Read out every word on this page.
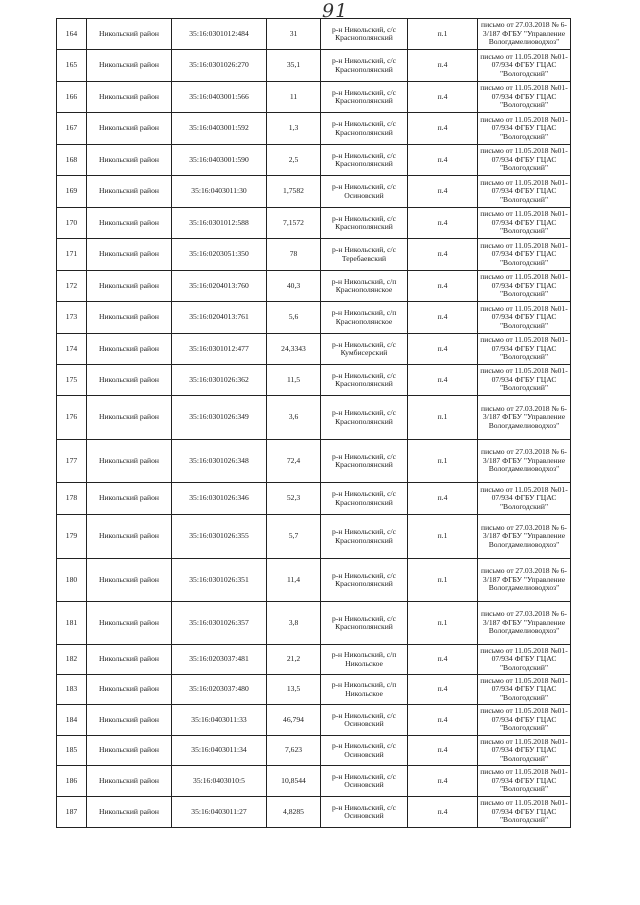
91
164	Никольский район	35:16:0301012:484	31	р-н Никольский, с/с Краснополянский	п.1	письмо от 27.03.2018 № 6-3/187 ФГБУ "Управление Вологдамелиоводхоз"
165	Никольский район	35:16:0301026:270	35,1	р-н Никольский, с/с Краснополянский	п.4	письмо от 11.05.2018 №01-07/934 ФГБУ ГЦАС "Вологодский"
166	Никольский район	35:16:0403001:566	11	р-н Никольский, с/с Краснополянский	п.4	письмо от 11.05.2018 №01-07/934 ФГБУ ГЦАС "Вологодский"
167	Никольский район	35:16:0403001:592	1,3	р-н Никольский, с/с Краснополянский	п.4	письмо от 11.05.2018 №01-07/934 ФГБУ ГЦАС "Вологодский"
168	Никольский район	35:16:0403001:590	2,5	р-н Никольский, с/с Краснополянский	п.4	письмо от 11.05.2018 №01-07/934 ФГБУ ГЦАС "Вологодский"
169	Никольский район	35:16:0403011:30	1,7582	р-н Никольский, с/с Осиновский	п.4	письмо от 11.05.2018 №01-07/934 ФГБУ ГЦАС "Вологодский"
170	Никольский район	35:16:0301012:588	7,1572	р-н Никольский, с/с Краснополянский	п.4	письмо от 11.05.2018 №01-07/934 ФГБУ ГЦАС "Вологодский"
171	Никольский район	35:16:0203051:350	78	р-н Никольский, с/с Теребаевский	п.4	письмо от 11.05.2018 №01-07/934 ФГБУ ГЦАС "Вологодский"
172	Никольский район	35:16:0204013:760	40,3	р-н Никольский, с/п Краснополянское	п.4	письмо от 11.05.2018 №01-07/934 ФГБУ ГЦАС "Вологодский"
173	Никольский район	35:16:0204013:761	5,6	р-н Никольский, с/п Краснополянское	п.4	письмо от 11.05.2018 №01-07/934 ФГБУ ГЦАС "Вологодский"
174	Никольский район	35:16:0301012:477	24,3343	р-н Никольский, с/с Кумбисерский	п.4	письмо от 11.05.2018 №01-07/934 ФГБУ ГЦАС "Вологодский"
175	Никольский район	35:16:0301026:362	11,5	р-н Никольский, с/с Краснополянский	п.4	письмо от 11.05.2018 №01-07/934 ФГБУ ГЦАС "Вологодский"
176	Никольский район	35:16:0301026:349	3,6	р-н Никольский, с/с Краснополянский	п.1	письмо от 27.03.2018 № 6-3/187 ФГБУ "Управление Вологдамелиоводхоз"
177	Никольский район	35:16:0301026:348	72,4	р-н Никольский, с/с Краснополянский	п.1	письмо от 27.03.2018 № 6-3/187 ФГБУ "Управление Вологдамелиоводхоз"
178	Никольский район	35:16:0301026:346	52,3	р-н Никольский, с/с Краснополянский	п.4	письмо от 11.05.2018 №01-07/934 ФГБУ ГЦАС "Вологодский"
179	Никольский район	35:16:0301026:355	5,7	р-н Никольский, с/с Краснополянский	п.1	письмо от 27.03.2018 № 6-3/187 ФГБУ "Управление Вологдамелиоводхоз"
180	Никольский район	35:16:0301026:351	11,4	р-н Никольский, с/с Краснополянский	п.1	письмо от 27.03.2018 № 6-3/187 ФГБУ "Управление Вологдамелиоводхоз"
181	Никольский район	35:16:0301026:357	3,8	р-н Никольский, с/с Краснополянский	п.1	письмо от 27.03.2018 № 6-3/187 ФГБУ "Управление Вологдамелиоводхоз"
182	Никольский район	35:16:0203037:481	21,2	р-н Никольский, с/п Никольское	п.4	письмо от 11.05.2018 №01-07/934 ФГБУ ГЦАС "Вологодский"
183	Никольский район	35:16:0203037:480	13,5	р-н Никольский, с/п Никольское	п.4	письмо от 11.05.2018 №01-07/934 ФГБУ ГЦАС "Вологодский"
184	Никольский район	35:16:0403011:33	46,794	р-н Никольский, с/с Осиновский	п.4	письмо от 11.05.2018 №01-07/934 ФГБУ ГЦАС "Вологодский"
185	Никольский район	35:16:0403011:34	7,623	р-н Никольский, с/с Осиновский	п.4	письмо от 11.05.2018 №01-07/934 ФГБУ ГЦАС "Вологодский"
186	Никольский район	35:16:0403010:5	10,8544	р-н Никольский, с/с Осиновский	п.4	письмо от 11.05.2018 №01-07/934 ФГБУ ГЦАС "Вологодский"
187	Никольский район	35:16:0403011:27	4,8285	р-н Никольский, с/с Осиновский	п.4	письмо от 11.05.2018 №01-07/934 ФГБУ ГЦАС "Вологодский"
